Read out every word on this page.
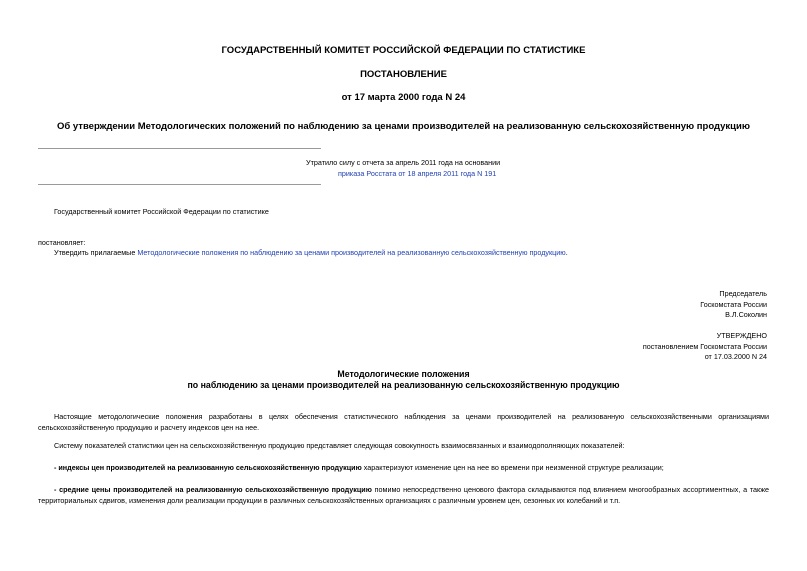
ГОСУДАРСТВЕННЫЙ КОМИТЕТ РОССИЙСКОЙ ФЕДЕРАЦИИ ПО СТАТИСТИКЕ
ПОСТАНОВЛЕНИЕ
от 17 марта 2000 года N 24
Об утверждении Методологических положений по наблюдению за ценами производителей на реализованную сельскохозяйственную продукцию
Утратило силу с отчета за апрель 2011 года на основании
приказа Росстата от 18 апреля 2011 года N 191
Государственный комитет Российской Федерации по статистике
постановляет:
Утвердить прилагаемые Методологические положения по наблюдению за ценами производителей на реализованную сельскохозяйственную продукцию.
Председатель
Госкомстата России
В.Л.Соколин
УТВЕРЖДЕНО
постановлением Госкомстата России
от 17.03.2000 N 24
Методологические положения
по наблюдению за ценами производителей на реализованную сельскохозяйственную продукцию
Настоящие методологические положения разработаны в целях обеспечения статистического наблюдения за ценами производителей на реализованную сельскохозяйственными организациями сельскохозяйственную продукцию и расчету индексов цен на нее.
Систему показателей статистики цен на сельскохозяйственную продукцию представляет следующая совокупность взаимосвязанных и взаимодополняющих показателей:
- индексы цен производителей на реализованную сельскохозяйственную продукцию характеризуют изменение цен на нее во времени при неизменной структуре реализации;
- средние цены производителей на реализованную сельскохозяйственную продукцию помимо непосредственно ценового фактора складываются под влиянием многообразных ассортиментных, а также территориальных сдвигов, изменения доли реализации продукции в различных сельскохозяйственных организациях с различным уровнем цен, сезонных их колебаний и т.п.
